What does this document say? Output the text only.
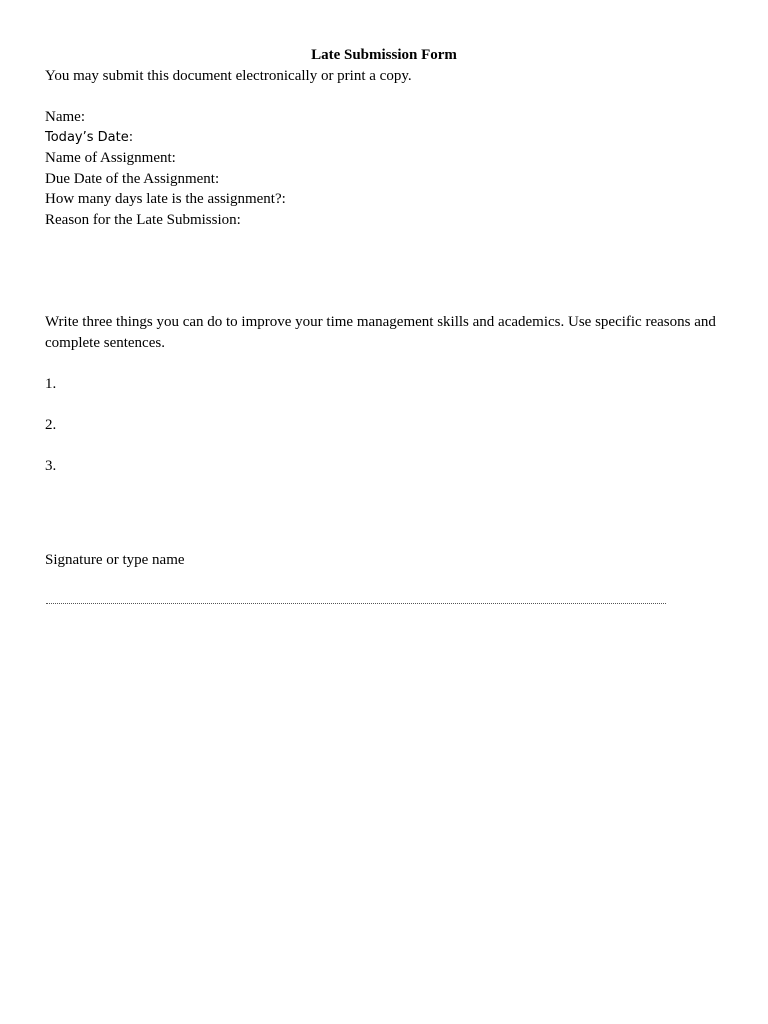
Late Submission Form
You may submit this document electronically or print a copy.
Name:
Today’s Date:
Name of Assignment:
Due Date of the Assignment:
How many days late is the assignment?:
Reason for the Late Submission:
Write three things you can do to improve your time management skills and academics. Use specific reasons and complete sentences.

1.

2.

3.

Signature or type name
